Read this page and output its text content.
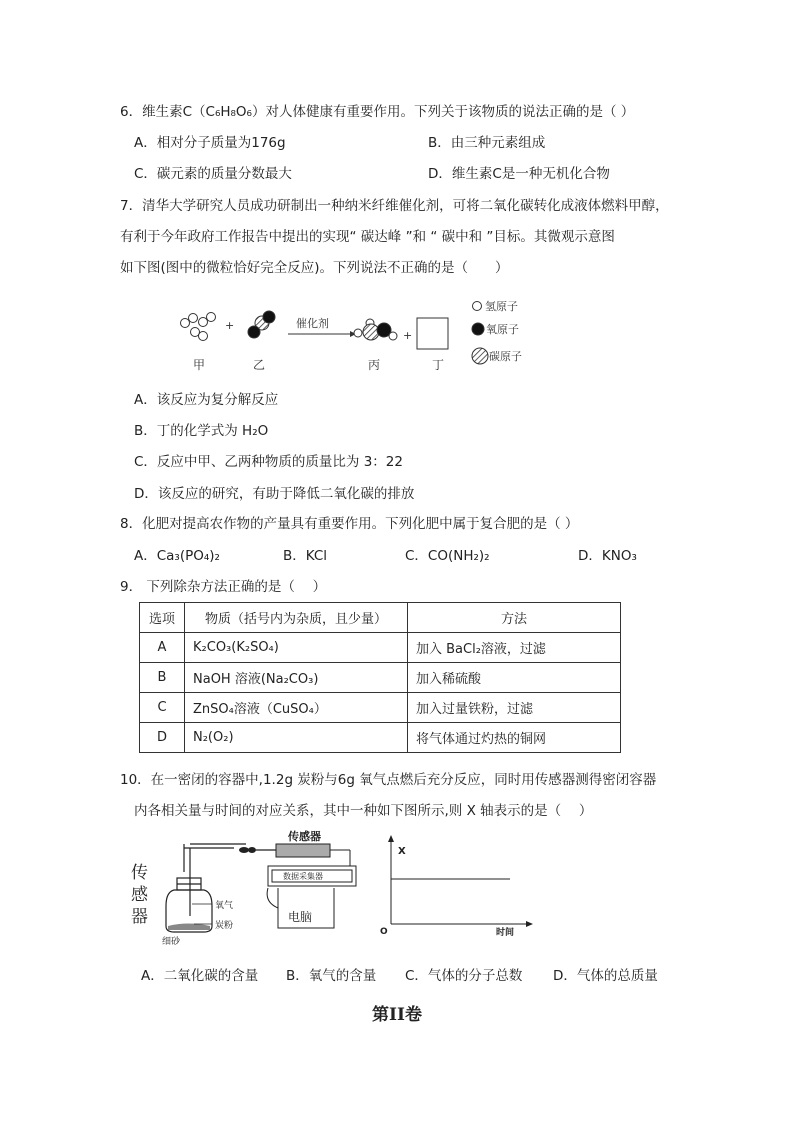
6．维生素C（C₆H₈O₆）对人体健康有重要作用。下列关于该物质的说法正确的是（ ）
A．相对分子质量为176g	B．由三种元素组成
C．碳元素的质量分数最大	D．维生素C是一种无机化合物
7．清华大学研究人员成功研制出一种纳米纤维催化剂，可将二氧化碳转化成液体燃料甲醇，
有利于今年政府工作报告中提出的实现“ 碳达峰 ”和 “ 碳中和 ”目标。其微观示意图
如下图(图中的微粒恰好完全反应)。下列说法不正确的是（　　）
+	催化剂
+
甲	乙	丙	丁
氢原子
氧原子
碳原子
A．该反应为复分解反应
B．丁的化学式为 H₂O
C．反应中甲、乙两种物质的质量比为 3：22
D．该反应的研究，有助于降低二氧化碳的排放
8．化肥对提高农作物的产量具有重要作用。下列化肥中属于复合肥的是（ ）
A．Ca₃(PO₄)₂	B．KCl	C．CO(NH₂)₂	D．KNO₃
9． 下列除杂方法正确的是（　 ）
选项	物质（括号内为杂质，且少量）	方法
A	K₂CO₃(K₂SO₄)	加入 BaCl₂溶液，过滤
B	NaOH 溶液(Na₂CO₃)	加入稀硫酸
C	ZnSO₄溶液（CuSO₄）	加入过量铁粉，过滤
D	N₂(O₂)	将气体通过灼热的铜网
10．在一密闭的容器中,1.2g 炭粉与6g 氧气点燃后充分反应，同时用传感器测得密闭容器
内各相关量与时间的对应关系，其中一种如下图所示,则 X 轴表示的是（　 ）
传
感
器
传感器
数据采集器
电脑
氧气
炭粉
细砂
X
O	时间
A．二氧化碳的含量 B．氧气的含量 C．气体的分子总数 D．气体的总质量
第II卷
